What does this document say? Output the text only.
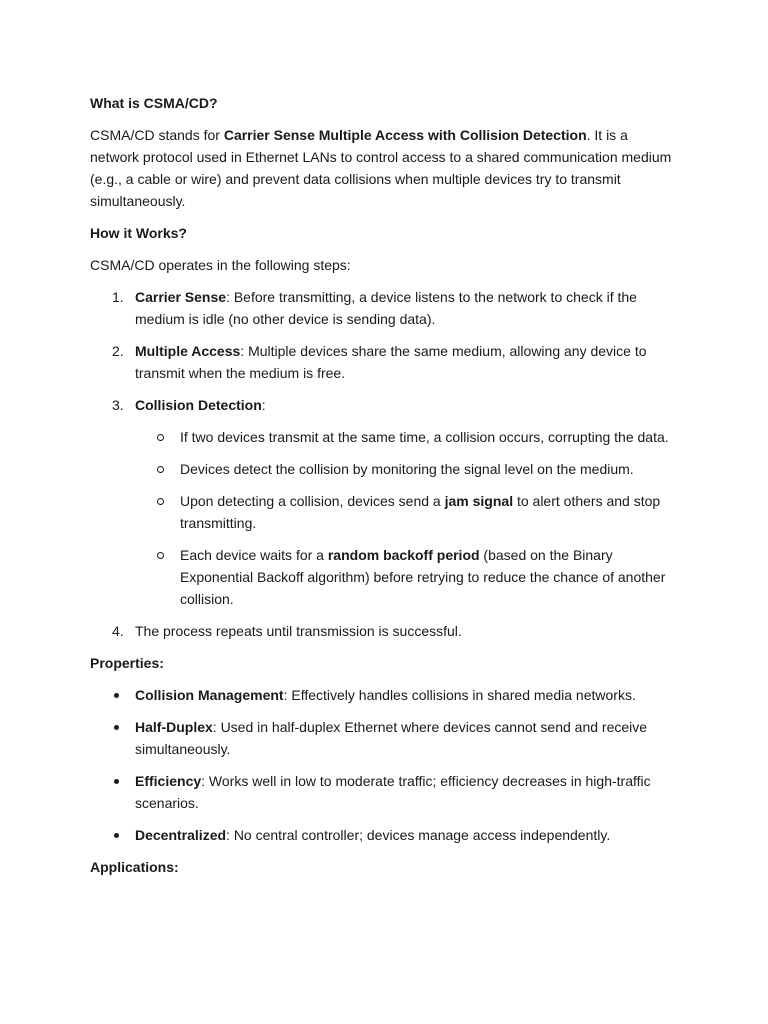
What is CSMA/CD?

CSMA/CD stands for Carrier Sense Multiple Access with Collision Detection. It is a network protocol used in Ethernet LANs to control access to a shared communication medium (e.g., a cable or wire) and prevent data collisions when multiple devices try to transmit simultaneously.

How it Works?

CSMA/CD operates in the following steps:

1. Carrier Sense: Before transmitting, a device listens to the network to check if the medium is idle (no other device is sending data).
2. Multiple Access: Multiple devices share the same medium, allowing any device to transmit when the medium is free.
3. Collision Detection:
If two devices transmit at the same time, a collision occurs, corrupting the data.
Devices detect the collision by monitoring the signal level on the medium.
Upon detecting a collision, devices send a jam signal to alert others and stop transmitting.
Each device waits for a random backoff period (based on the Binary Exponential Backoff algorithm) before retrying to reduce the chance of another collision.
4. The process repeats until transmission is successful.
Properties:
Collision Management: Effectively handles collisions in shared media networks.
Half-Duplex: Used in half-duplex Ethernet where devices cannot send and receive simultaneously.
Efficiency: Works well in low to moderate traffic; efficiency decreases in high-traffic scenarios.
Decentralized: No central controller; devices manage access independently.
Applications:
